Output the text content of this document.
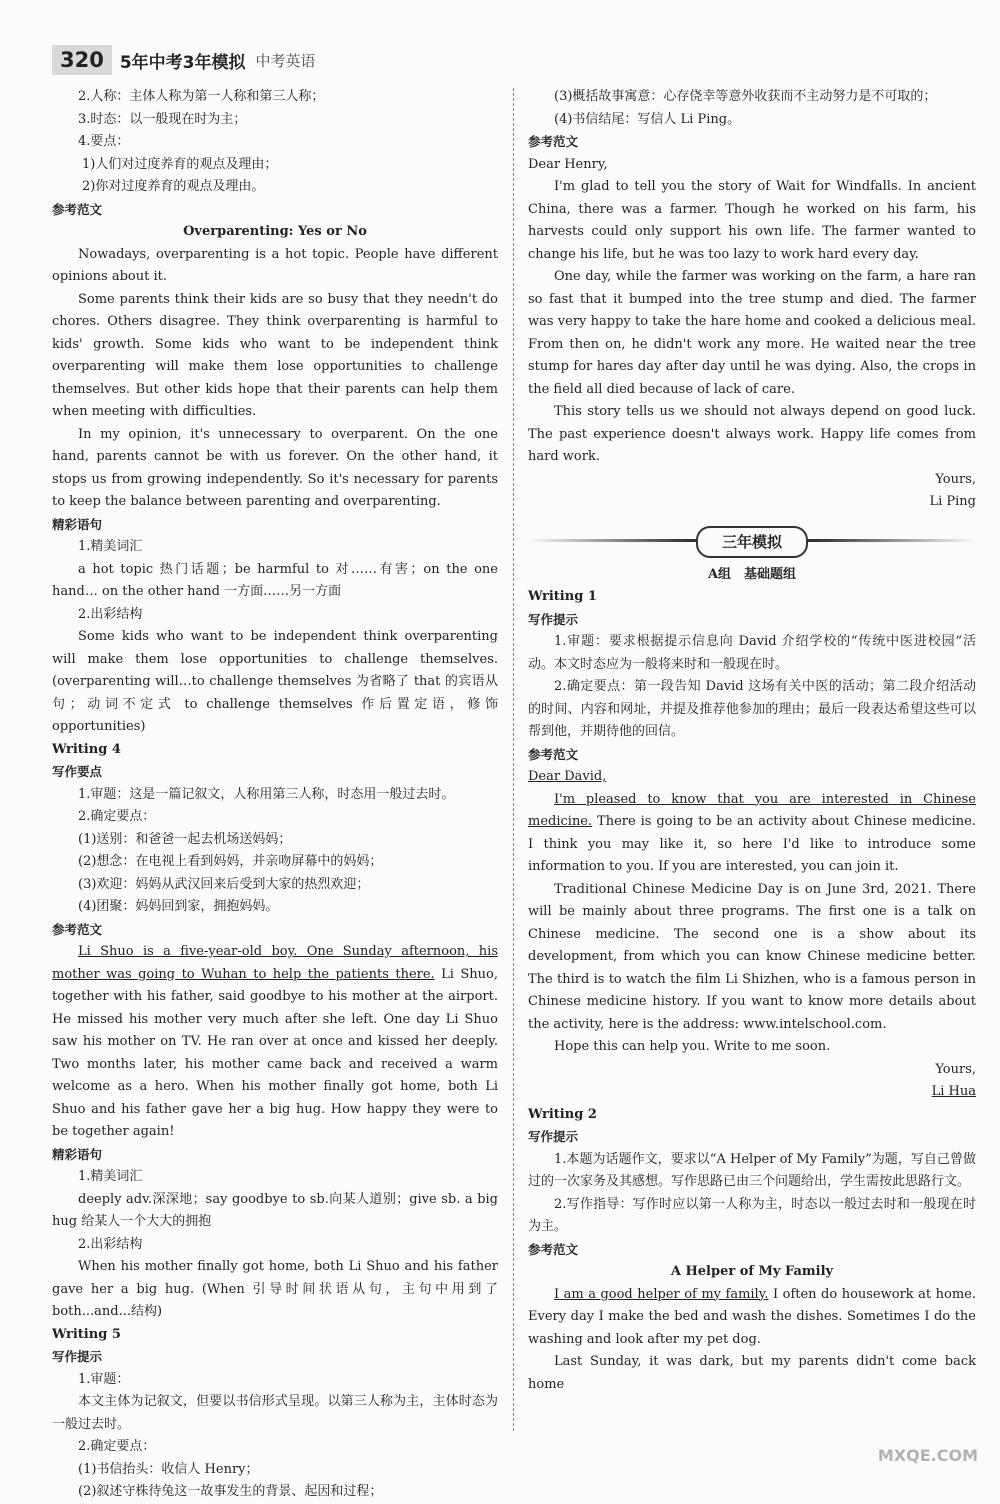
320 5年中考3年模拟 中考英语

2.人称：主体人称为第一人称和第三人称；

3.时态：以一般现在时为主；

4.要点：

1)人们对过度养育的观点及理由；

2)你对过度养育的观点及理由。

参考范文

Overparenting: Yes or No

Nowadays, overparenting is a hot topic. People have different opinions about it.

Some parents think their kids are so busy that they needn't do chores. Others disagree. They think overparenting is harmful to kids' growth. Some kids who want to be independent think overparenting will make them lose opportunities to challenge themselves. But other kids hope that their parents can help them when meeting with difficulties.

In my opinion, it's unnecessary to overparent. On the one hand, parents cannot be with us forever. On the other hand, it stops us from growing independently. So it's necessary for parents to keep the balance between parenting and overparenting.

精彩语句

1.精美词汇

a hot topic 热门话题；be harmful to 对……有害；on the one hand… on the other hand 一方面……另一方面

2.出彩结构

Some kids who want to be independent think overparenting will make them lose opportunities to challenge themselves. (overparenting will…to challenge themselves 为省略了 that 的宾语从句；动词不定式 to challenge themselves 作后置定语，修饰 opportunities)

Writing 4

写作要点

1.审题：这是一篇记叙文，人称用第三人称，时态用一般过去时。

2.确定要点：

(1)送别：和爸爸一起去机场送妈妈；

(2)想念：在电视上看到妈妈，并亲吻屏幕中的妈妈；

(3)欢迎：妈妈从武汉回来后受到大家的热烈欢迎；

(4)团聚：妈妈回到家，拥抱妈妈。

参考范文

Li Shuo is a five-year-old boy. One Sunday afternoon, his mother was going to Wuhan to help the patients there. Li Shuo, together with his father, said goodbye to his mother at the airport. He missed his mother very much after she left. One day Li Shuo saw his mother on TV. He ran over at once and kissed her deeply. Two months later, his mother came back and received a warm welcome as a hero. When his mother finally got home, both Li Shuo and his father gave her a big hug. How happy they were to be together again!

精彩语句

1.精美词汇

deeply adv.深深地；say goodbye to sb.向某人道别；give sb. a big hug 给某人一个大大的拥抱

2.出彩结构

When his mother finally got home, both Li Shuo and his father gave her a big hug. (When 引导时间状语从句，主句中用到了 both...and...结构)

Writing 5

写作提示

1.审题：

本文主体为记叙文，但要以书信形式呈现。以第三人称为主，主体时态为一般过去时。

2.确定要点：

(1)书信抬头：收信人 Henry；

(2)叙述守株待兔这一故事发生的背景、起因和过程；

(3)概括故事寓意：心存侥幸等意外收获而不主动努力是不可取的；

(4)书信结尾：写信人 Li Ping。

参考范文

Dear Henry,

I'm glad to tell you the story of Wait for Windfalls. In ancient China, there was a farmer. Though he worked on his farm, his harvests could only support his own life. The farmer wanted to change his life, but he was too lazy to work hard every day.

One day, while the farmer was working on the farm, a hare ran so fast that it bumped into the tree stump and died. The farmer was very happy to take the hare home and cooked a delicious meal. From then on, he didn't work any more. He waited near the tree stump for hares day after day until he was dying. Also, the crops in the field all died because of lack of care.

This story tells us we should not always depend on good luck. The past experience doesn't always work. Happy life comes from hard work.

Yours,

Li Ping

三年模拟

A组　基础题组

Writing 1

写作提示

1.审题：要求根据提示信息向 David 介绍学校的“传统中医进校园”活动。本文时态应为一般将来时和一般现在时。

2.确定要点：第一段告知 David 这场有关中医的活动；第二段介绍活动的时间、内容和网址，并提及推荐他参加的理由；最后一段表达希望这些可以帮到他，并期待他的回信。

参考范文

Dear David,

I'm pleased to know that you are interested in Chinese medicine. There is going to be an activity about Chinese medicine. I think you may like it, so here I'd like to introduce some information to you. If you are interested, you can join it.

Traditional Chinese Medicine Day is on June 3rd, 2021. There will be mainly about three programs. The first one is a talk on Chinese medicine. The second one is a show about its development, from which you can know Chinese medicine better. The third is to watch the film Li Shizhen, who is a famous person in Chinese medicine history. If you want to know more details about the activity, here is the address: www.intelschool.com.

Hope this can help you. Write to me soon.

Yours,

Li Hua

Writing 2

写作提示

1.本题为话题作文，要求以“A Helper of My Family”为题，写自己曾做过的一次家务及其感想。写作思路已由三个问题给出，学生需按此思路行文。

2.写作指导：写作时应以第一人称为主，时态以一般过去时和一般现在时为主。

参考范文

A Helper of My Family

I am a good helper of my family. I often do housework at home. Every day I make the bed and wash the dishes. Sometimes I do the washing and look after my pet dog.

Last Sunday, it was dark, but my parents didn't come back home

MXQE.COM
